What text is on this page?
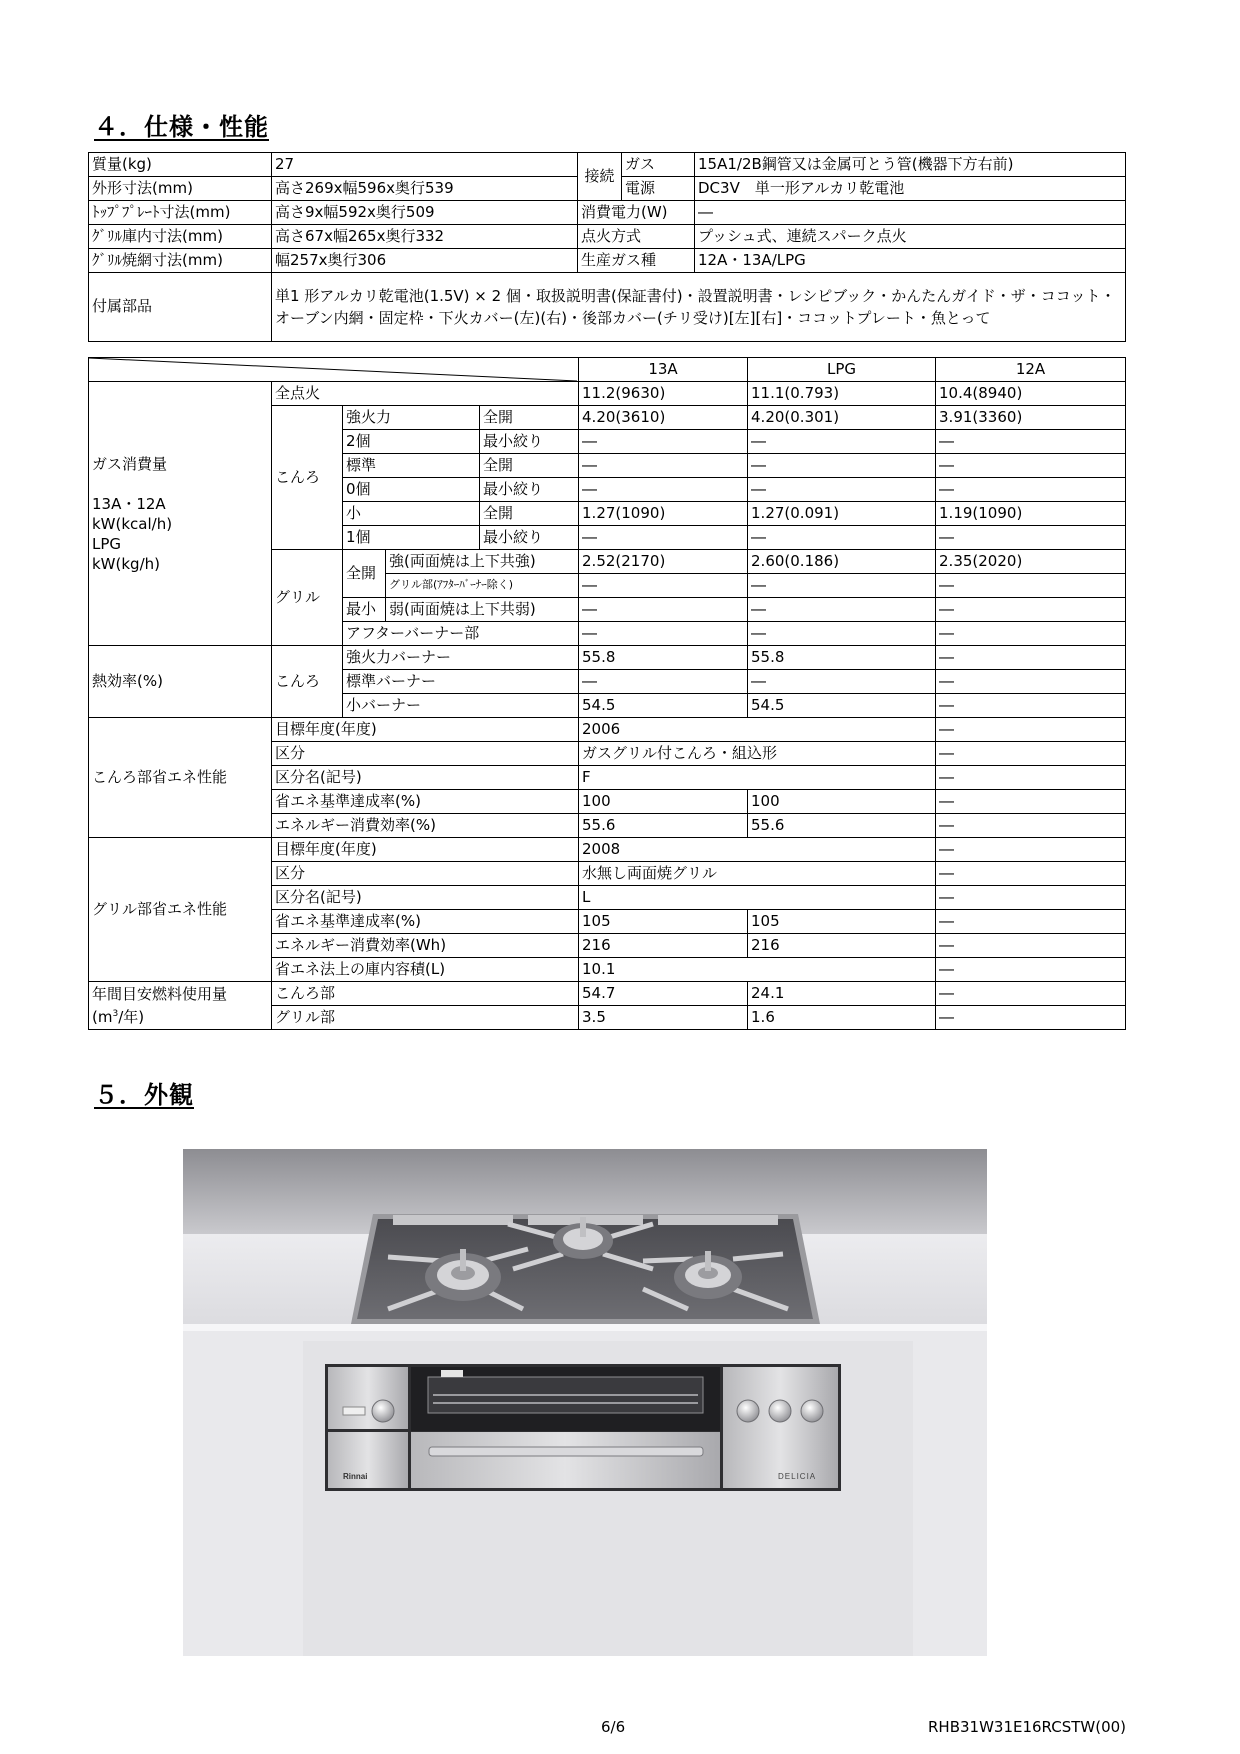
４．仕様・性能
質量(kg)	27	接続	ガス	15A1/2B鋼管又は金属可とう管(機器下方右前)
外形寸法(mm)	高さ269x幅596x奥行539		電源	DC3V　単一形アルカリ乾電池
ﾄｯﾌﾟﾌﾟﾚｰﾄ寸法(mm)	高さ9x幅592x奥行509	消費電力(W)		―
ｸﾞﾘﾙ庫内寸法(mm)	高さ67x幅265x奥行332	点火方式		プッシュ式、連続スパーク点火
ｸﾞﾘﾙ焼網寸法(mm)	幅257x奥行306	生産ガス種		12A・13A/LPG
付属部品	単1 形アルカリ乾電池(1.5V) × 2 個・取扱説明書(保証書付)・設置説明書・レシピブック・かんたんガイド・ザ・ココット・オーブン内網・固定枠・下火カバー(左)(右)・後部カバー(チリ受け)[左][右]・ココットプレート・魚とって			
	13A	LPG	12A

ガス消費量
13A・12A
kW(kcal/h)
LPG
kW(kg/h)	全点火				11.2(9630)	11.1(0.793)	10.4(8940)
	こんろ	強火力		全開	4.20(3610)	4.20(0.301)	3.91(3360)
		2個		最小絞り	―	―	―
		標準		全開	―	―	―
		0個		最小絞り	―	―	―
		小		全開	1.27(1090)	1.27(0.091)	1.19(1090)
		1個		最小絞り	―	―	―
	グリル	全開	強(両面焼は上下共強)		2.52(2170)	2.60(0.186)	2.35(2020)
			グリル部(ｱﾌﾀｰﾊﾞｰﾅｰ除く)		―	―	―
		最小	弱(両面焼は上下共弱)		―	―	―
		アフターバーナー部			―	―	―
熱効率(%)	こんろ	強火力バーナー			55.8	55.8	―
		標準バーナー			―	―	―
		小バーナー			54.5	54.5	―
こんろ部省エネ性能	目標年度(年度)				2006		―
	区分				ガスグリル付こんろ・組込形		―
	区分名(記号)				F		―
	省エネ基準達成率(%)				100	100	―
	エネルギー消費効率(%)				55.6	55.6	―
グリル部省エネ性能	目標年度(年度)				2008		―
	区分				水無し両面焼グリル		―
	区分名(記号)				L		―
	省エネ基準達成率(%)				105	105	―
	エネルギー消費効率(Wh)				216	216	―
	省エネ法上の庫内容積(L)				10.1		―

年間目安燃料使用量
($m^3/$年)	こんろ部				54.7	24.1	―
	グリル部				3.5	1.6	―
５．外観
Rinnai	DELICIA
6/6	RHB31W31E16RCSTW(00)
